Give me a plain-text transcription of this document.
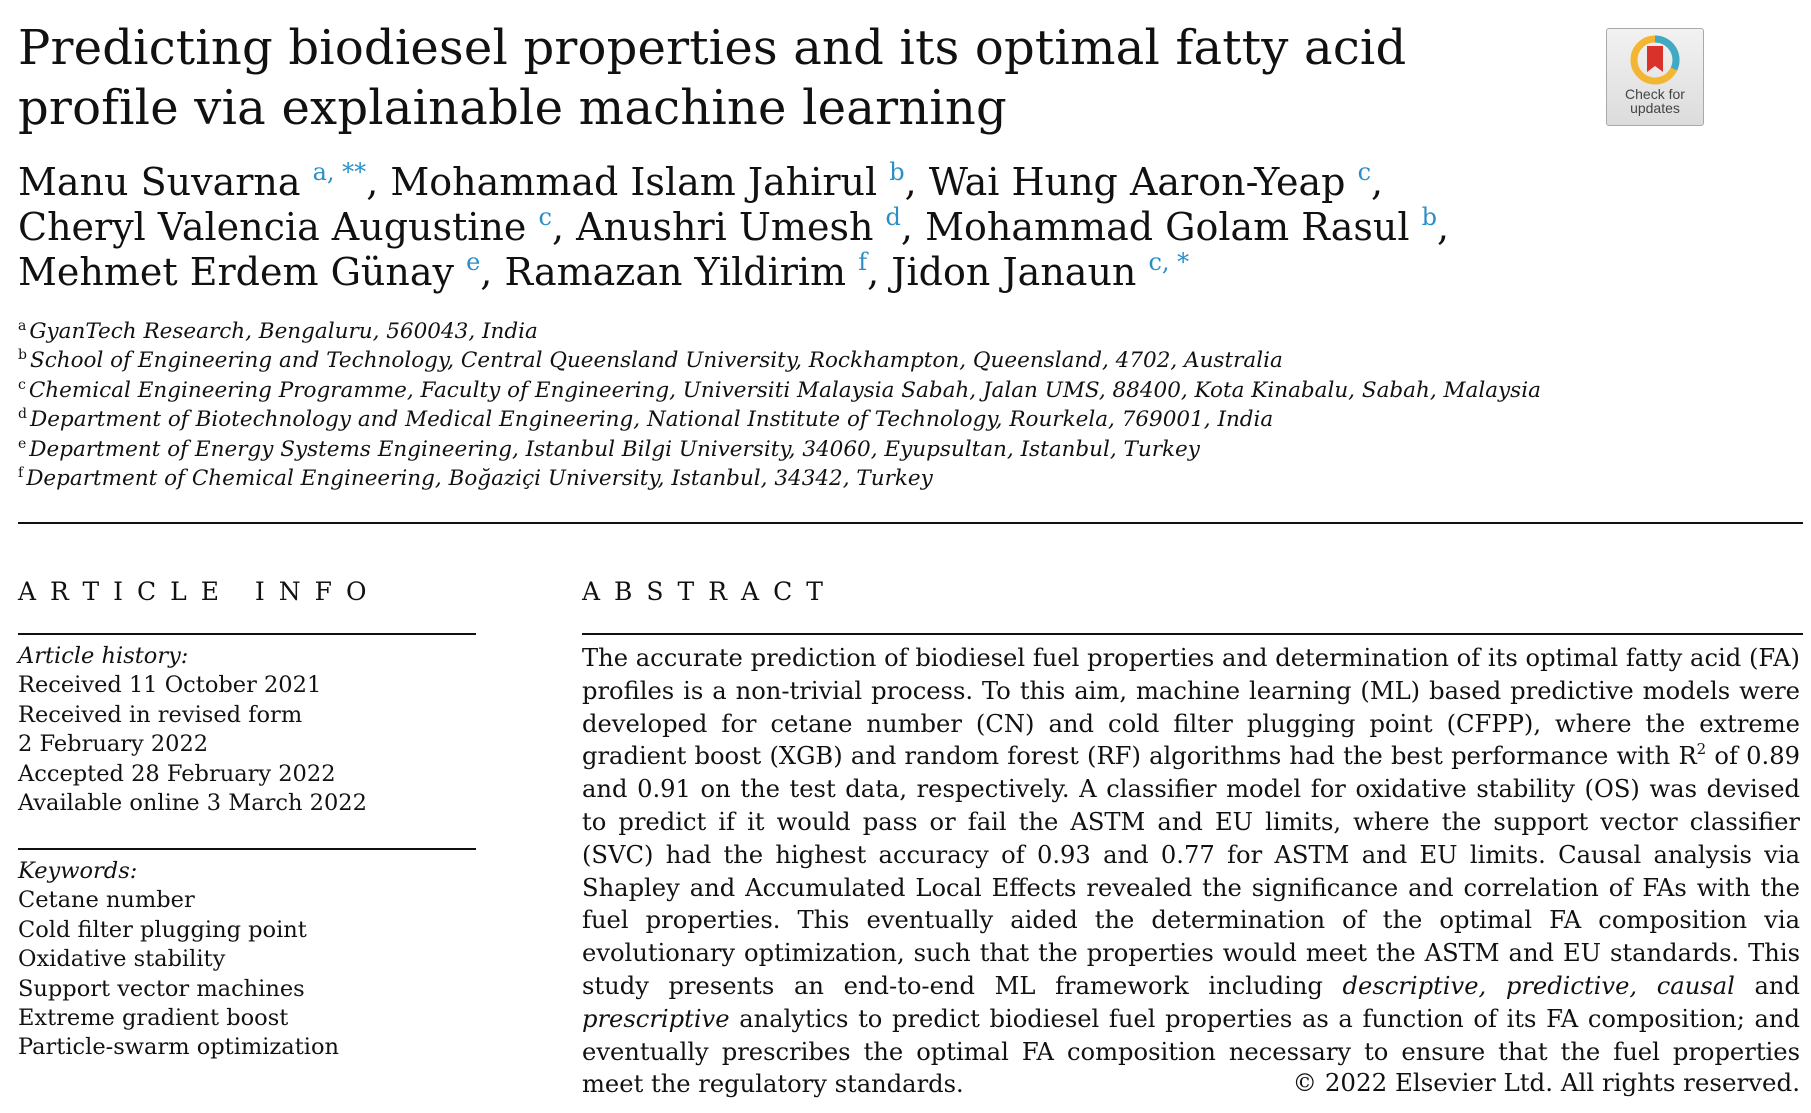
Predicting biodiesel properties and its optimal fatty acid profile via explainable machine learning	Check for
updates
Manu Suvarna $^{a, **}$, Mohammad Islam Jahirul $^b$, Wai Hung Aaron-Yeap $^c$,
Cheryl Valencia Augustine $^c$, Anushri Umesh $^d$, Mohammad Golam Rasul $^b$,
Mehmet Erdem Günay $^e$, Ramazan Yildirim $^f$, Jidon Janaun $^{c, *}$
$^a$ GyanTech Research, Bengaluru, 560043, India
$^b$ School of Engineering and Technology, Central Queensland University, Rockhampton, Queensland, 4702, Australia
$^c$ Chemical Engineering Programme, Faculty of Engineering, Universiti Malaysia Sabah, Jalan UMS, 88400, Kota Kinabalu, Sabah, Malaysia
$^d$ Department of Biotechnology and Medical Engineering, National Institute of Technology, Rourkela, 769001, India
$^e$ Department of Energy Systems Engineering, Istanbul Bilgi University, 34060, Eyupsultan, Istanbul, Turkey
$^f$ Department of Chemical Engineering, Boğaziçi University, Istanbul, 34342, Turkey
ARTICLE INFO
Article history:
Received 11 October 2021
Received in revised form
2 February 2022
Accepted 28 February 2022
Available online 3 March 2022
Keywords:
Cetane number
Cold filter plugging point
Oxidative stability
Support vector machines
Extreme gradient boost
Particle-swarm optimization
ABSTRACT

The accurate prediction of biodiesel fuel properties and determination of its optimal fatty acid (FA) profiles is a non-trivial process. To this aim, machine learning (ML) based predictive models were developed for cetane number (CN) and cold filter plugging point (CFPP), where the extreme gradient boost (XGB) and random forest (RF) algorithms had the best performance with $R^2$ of 0.89 and 0.91 on the test data, respectively. A classifier model for oxidative stability (OS) was devised to predict if it would pass or fail the ASTM and EU limits, where the support vector classifier (SVC) had the highest accuracy of 0.93 and 0.77 for ASTM and EU limits. Causal analysis via Shapley and Accumulated Local Effects revealed the significance and correlation of FAs with the fuel properties. This eventually aided the determination of the optimal FA composition via evolutionary optimization, such that the properties would meet the ASTM and EU standards. This study presents an end-to-end ML framework including descriptive, predictive, causal and prescriptive analytics to predict biodiesel fuel properties as a function of its FA composition; and eventually prescribes the optimal FA composition necessary to ensure that the fuel properties meet the regulatory standards.	© 2022 Elsevier Ltd. All rights reserved.
